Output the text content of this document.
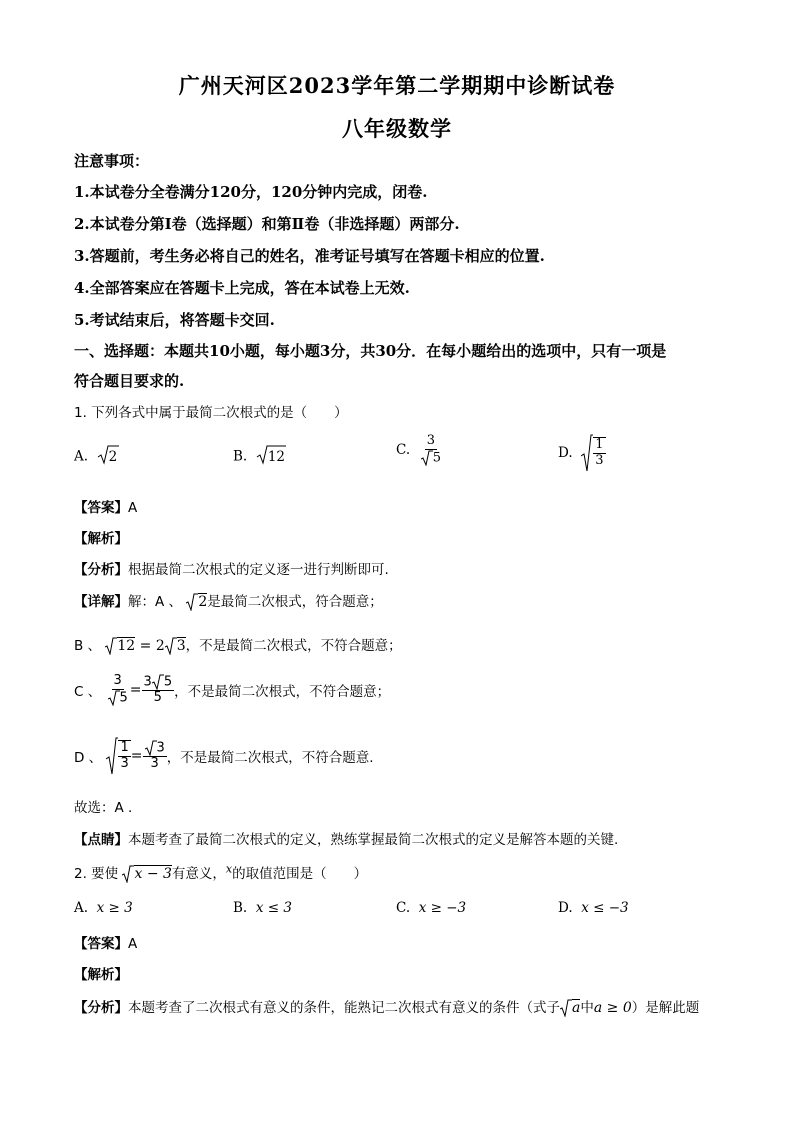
广州天河区2023学年第二学期期中诊断试卷
八年级数学
注意事项：
1.本试卷分全卷满分120分，120分钟内完成，闭卷.
2.本试卷分第Ⅰ卷（选择题）和第Ⅱ卷（非选择题）两部分.
3.答题前，考生务必将自己的姓名，准考证号填写在答题卡相应的位置.
4.全部答案应在答题卡上完成，答在本试卷上无效.
5.考试结束后，将答题卡交回.
一、选择题：本题共10小题，每小题3分，共30分．在每小题给出的选项中，只有一项是
符合题目要求的.
1. 下列各式中属于最简二次根式的是（　　）
A. 2	B. 12	C. $\frac{3}{5}$	D. $\frac{1}{3}$
【答案】A
【解析】
【分析】根据最简二次根式的定义逐一进行判断即可.
【详解】解：A 、 2是最简二次根式，符合题意；
B 、 12 = 2 3，不是最简二次根式，不符合题意；
C 、 $\frac{3}{5} = \frac{3 5}{5}$ ，不是最简二次根式，不符合题意；
D 、 $\frac{1}{3} = \frac{3}{3}$ ，不是最简二次根式，不符合题意.
故选：A .
【点睛】本题考查了最简二次根式的定义，熟练掌握最简二次根式的定义是解答本题的关键.
2. 要使 x − 3有意义，$^x$的取值范围是（　　）
A. x ≥ 3	B. x ≤ 3	C. x ≥ −3	D. x ≤ −3
【答案】A
【解析】
【分析】本题考查了二次根式有意义的条件，能熟记二次根式有意义的条件（式子 a中a ≥ 0）是解此题
